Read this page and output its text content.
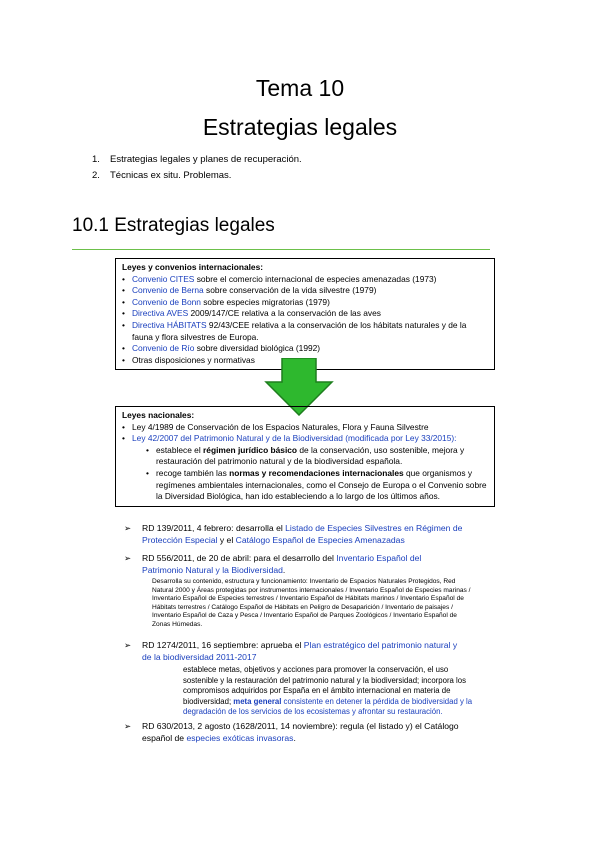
Tema 10
Estrategias legales
1. Estrategias legales y planes de recuperación.
2. Técnicas ex situ. Problemas.
10.1 Estrategias legales
Leyes y convenios internacionales:
• Convenio CITES sobre el comercio internacional de especies amenazadas (1973)
• Convenio de Berna sobre conservación de la vida silvestre (1979)
• Convenio de Bonn sobre especies migratorias (1979)
• Directiva AVES 2009/147/CE relativa a la conservación de las aves
• Directiva HÁBITATS 92/43/CEE relativa a la conservación de los hábitats naturales y de la fauna y flora silvestres de Europa.
• Convenio de Río sobre diversidad biológica (1992)
• Otras disposiciones y normativas
Leyes nacionales:
• Ley 4/1989 de Conservación de los Espacios Naturales, Flora y Fauna Silvestre
• Ley 42/2007 del Patrimonio Natural y de la Biodiversidad (modificada por Ley 33/2015):
• establece el régimen jurídico básico de la conservación, uso sostenible, mejora y restauración del patrimonio natural y de la biodiversidad española.
• recoge también las normas y recomendaciones internacionales que organismos y regímenes ambientales internacionales, como el Consejo de Europa o el Convenio sobre la Diversidad Biológica, han ido estableciendo a lo largo de los últimos años.
➢ RD 139/2011, 4 febrero: desarrolla el Listado de Especies Silvestres en Régimen de Protección Especial y el Catálogo Español de Especies Amenazadas
➢ RD 556/2011, de 20 de abril: para el desarrollo del Inventario Español del Patrimonio Natural y la Biodiversidad.
Desarrolla su contenido, estructura y funcionamiento: Inventario de Espacios Naturales Protegidos, Red Natural 2000 y Áreas protegidas por instrumentos internacionales / Inventario Español de Especies marinas / Inventario Español de Especies terrestres / Inventario Español de Hábitats marinos / Inventario Español de Hábitats terrestres / Catálogo Español de Hábitats en Peligro de Desaparición / Inventario de paisajes / Inventario Español de Caza y Pesca / Inventario Español de Parques Zoológicos / Inventario Español de Zonas Húmedas.
➢ RD 1274/2011, 16 septiembre: aprueba el Plan estratégico del patrimonio natural y de la biodiversidad 2011-2017
establece metas, objetivos y acciones para promover la conservación, el uso sostenible y la restauración del patrimonio natural y la biodiversidad; incorpora los compromisos adquiridos por España en el ámbito internacional en materia de biodiversidad; meta general consistente en detener la pérdida de biodiversidad y la degradación de los servicios de los ecosistemas y afrontar su restauración.
➢ RD 630/2013, 2 agosto (1628/2011, 14 noviembre): regula (el listado y) el Catálogo español de especies exóticas invasoras.
